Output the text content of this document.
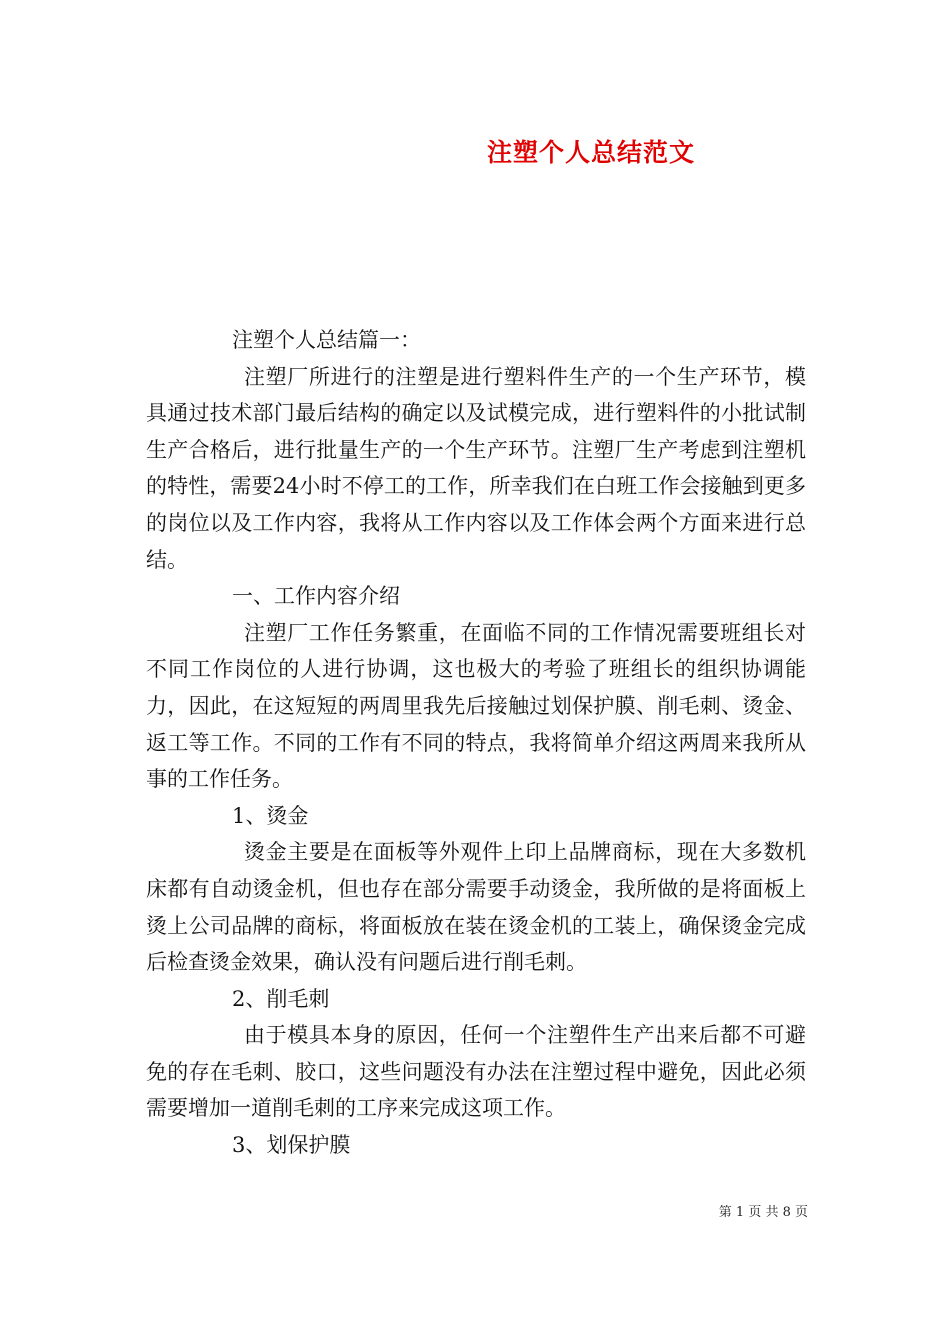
注塑个人总结范文

注塑个人总结篇一：

注塑厂所进行的注塑是进行塑料件生产的一个生产环节，模具通过技术部门最后结构的确定以及试模完成，进行塑料件的小批试制生产合格后，进行批量生产的一个生产环节。注塑厂生产考虑到注塑机的特性，需要24小时不停工的工作，所幸我们在白班工作会接触到更多的岗位以及工作内容，我将从工作内容以及工作体会两个方面来进行总结。

一、工作内容介绍

注塑厂工作任务繁重，在面临不同的工作情况需要班组长对不同工作岗位的人进行协调，这也极大的考验了班组长的组织协调能力，因此，在这短短的两周里我先后接触过划保护膜、削毛刺、烫金、返工等工作。不同的工作有不同的特点，我将简单介绍这两周来我所从事的工作任务。

1、烫金

烫金主要是在面板等外观件上印上品牌商标，现在大多数机床都有自动烫金机，但也存在部分需要手动烫金，我所做的是将面板上烫上公司品牌的商标，将面板放在装在烫金机的工装上，确保烫金完成后检查烫金效果，确认没有问题后进行削毛刺。

2、削毛刺

由于模具本身的原因，任何一个注塑件生产出来后都不可避免的存在毛刺、胶口，这些问题没有办法在注塑过程中避免，因此必须需要增加一道削毛刺的工序来完成这项工作。

3、划保护膜

第 1 页 共 8 页
